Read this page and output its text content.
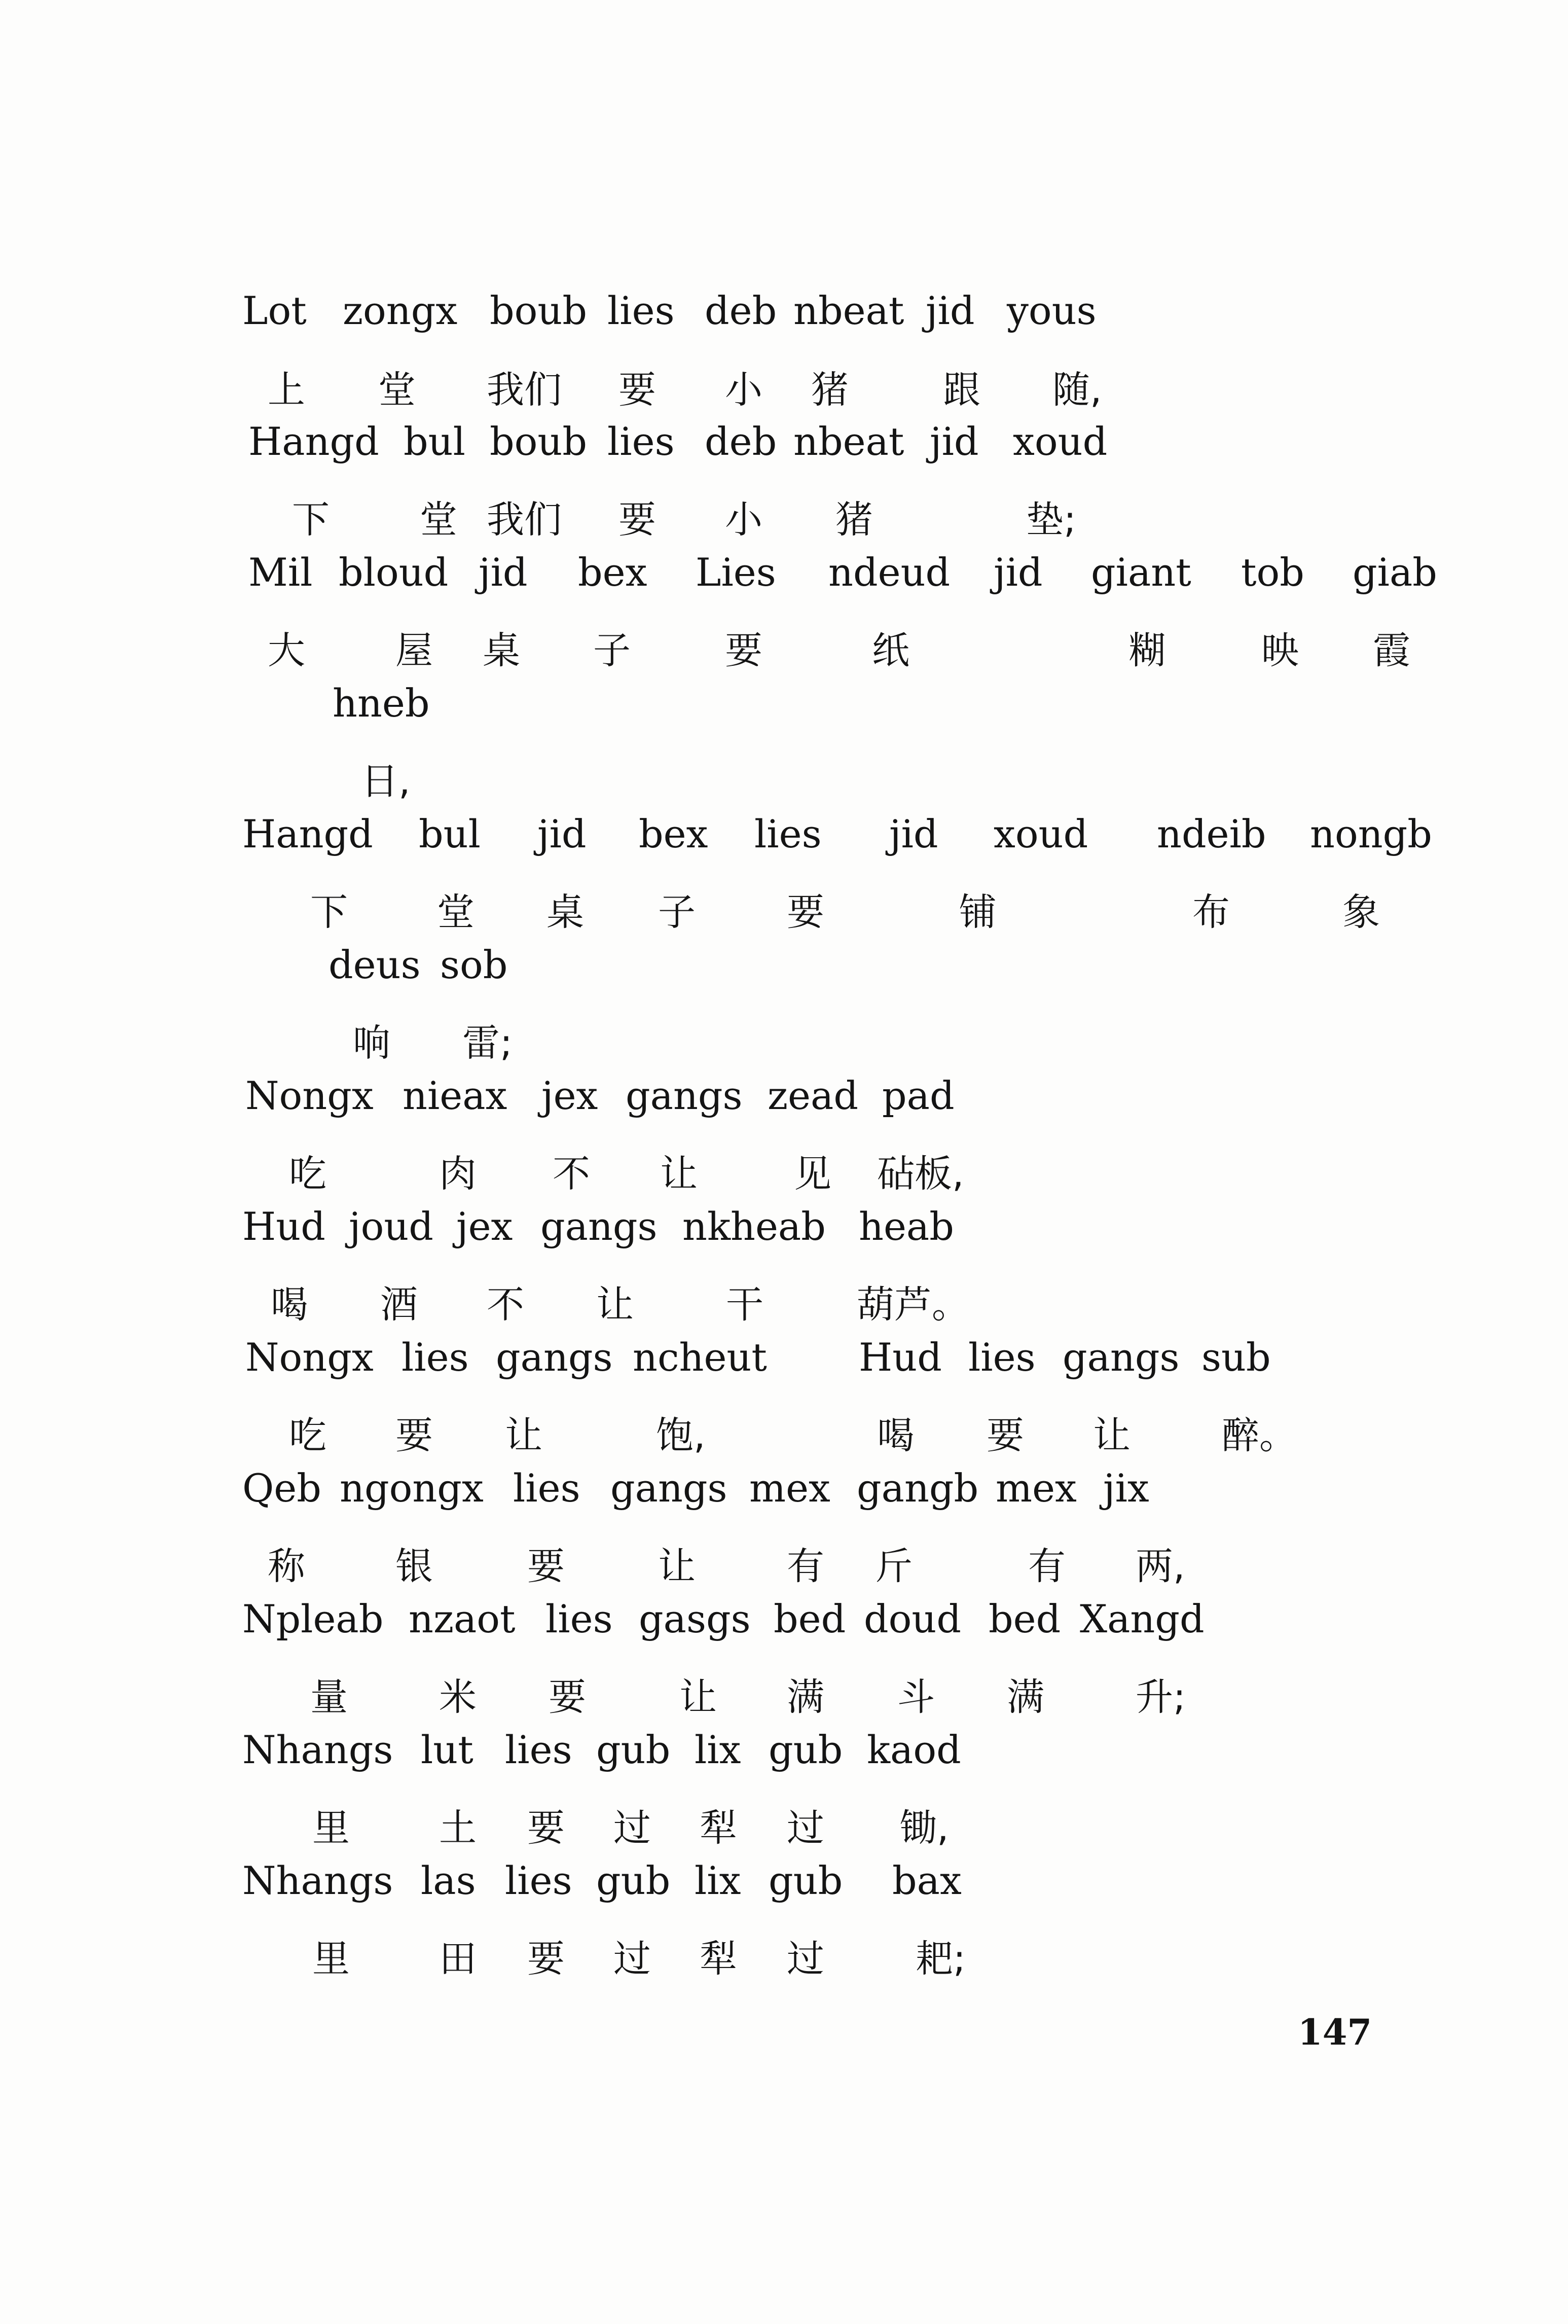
Lot zongx boub lies deb nbeat jid yous
上 堂 我们 要 小 猪	跟 随,
Hangd bul boub lies deb nbeat jid xoud
下 堂 我们 要 小 猪	垫;
Mil bloud jid bex Lies ndeud jid giant tob giab
大 屋 桌 子	要	纸	糊	映 霞
hneb
日,
Hangd bul jid bex lies jid xoud ndeib nongb
下 堂 桌 子 要	铺	布	象
deus sob
响 雷;
Nongx nieax jex gangs zead pad
吃	肉 不 让	见 砧板,
Hud joud jex gangs nkheab heab
喝 酒 不 让 干 葫芦。
Nongx lies gangs ncheut Hud lies gangs sub
吃 要 让	饱,	喝 要 让 醉。
Qeb ngongx lies gangs mex gangb mex jix
称 银	要 让 有 斤	有 两,
Npleab nzaot lies gasgs bed doud bed Xangd
量 米 要 让 满 斗 满 升;
Nhangs lut lies gub lix gub kaod
里 土 要 过 犁 过 锄,
Nhangs las lies gub lix gub bax
里 田 要 过 犁 过 耙;
147
